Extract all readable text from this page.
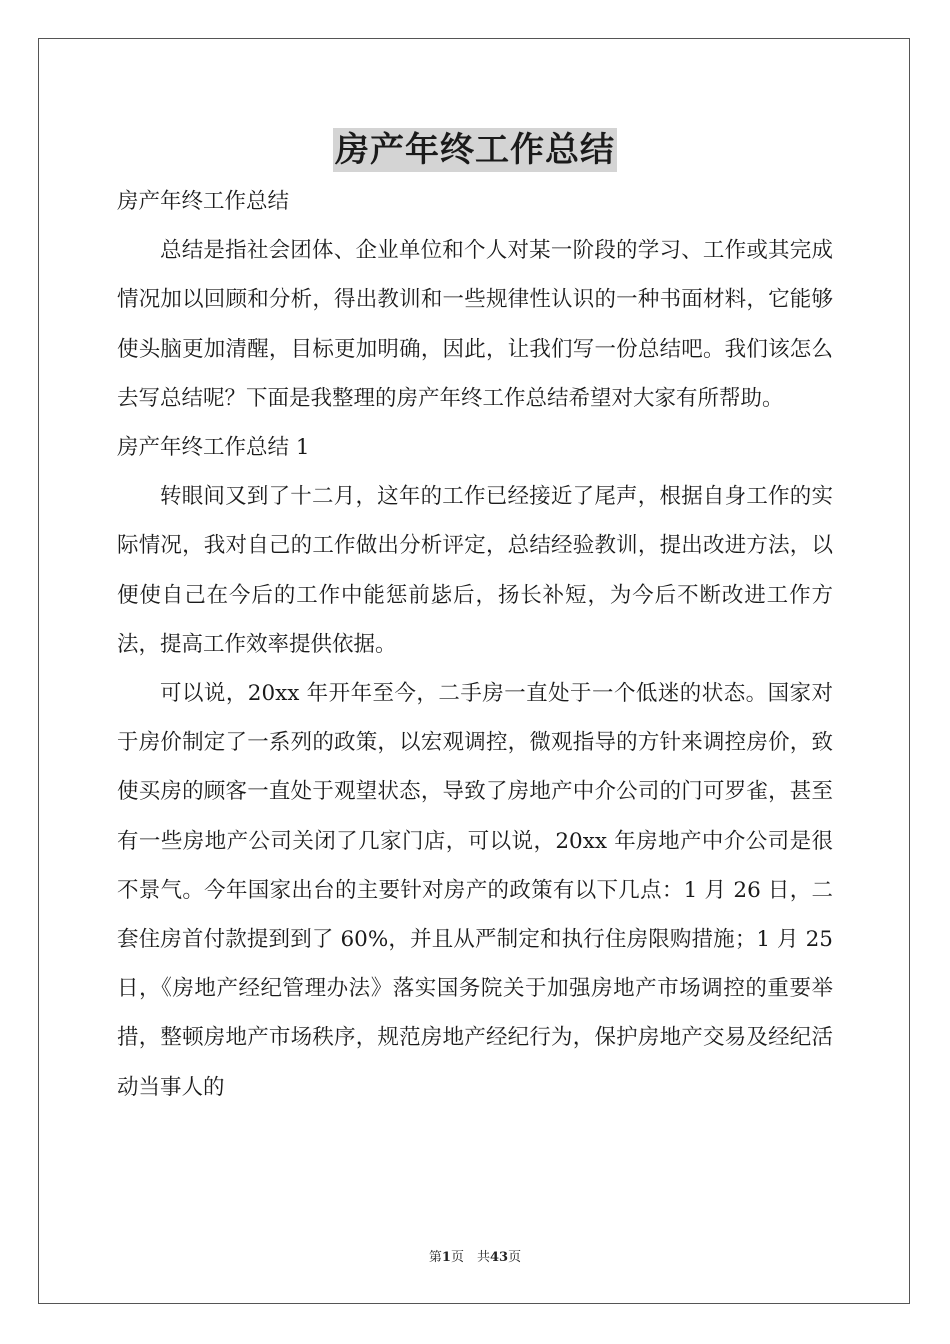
房产年终工作总结

房产年终工作总结

总结是指社会团体、企业单位和个人对某一阶段的学习、工作或其完成情况加以回顾和分析，得出教训和一些规律性认识的一种书面材料，它能够使头脑更加清醒，目标更加明确，因此，让我们写一份总结吧。我们该怎么去写总结呢？下面是我整理的房产年终工作总结希望对大家有所帮助。

房产年终工作总结 1

转眼间又到了十二月，这年的工作已经接近了尾声，根据自身工作的实际情况，我对自己的工作做出分析评定，总结经验教训，提出改进方法，以便使自己在今后的工作中能惩前毖后，扬长补短，为今后不断改进工作方法，提高工作效率提供依据。

可以说，20xx 年开年至今，二手房一直处于一个低迷的状态。国家对于房价制定了一系列的政策，以宏观调控，微观指导的方针来调控房价，致使买房的顾客一直处于观望状态，导致了房地产中介公司的门可罗雀，甚至有一些房地产公司关闭了几家门店，可以说，20xx 年房地产中介公司是很不景气。今年国家出台的主要针对房产的政策有以下几点：1 月 26 日，二套住房首付款提到到了 60%，并且从严制定和执行住房限购措施；1 月 25 日，《房地产经纪管理办法》落实国务院关于加强房地产市场调控的重要举措，整顿房地产市场秩序，规范房地产经纪行为，保护房地产交易及经纪活动当事人的

第1页　共43页
